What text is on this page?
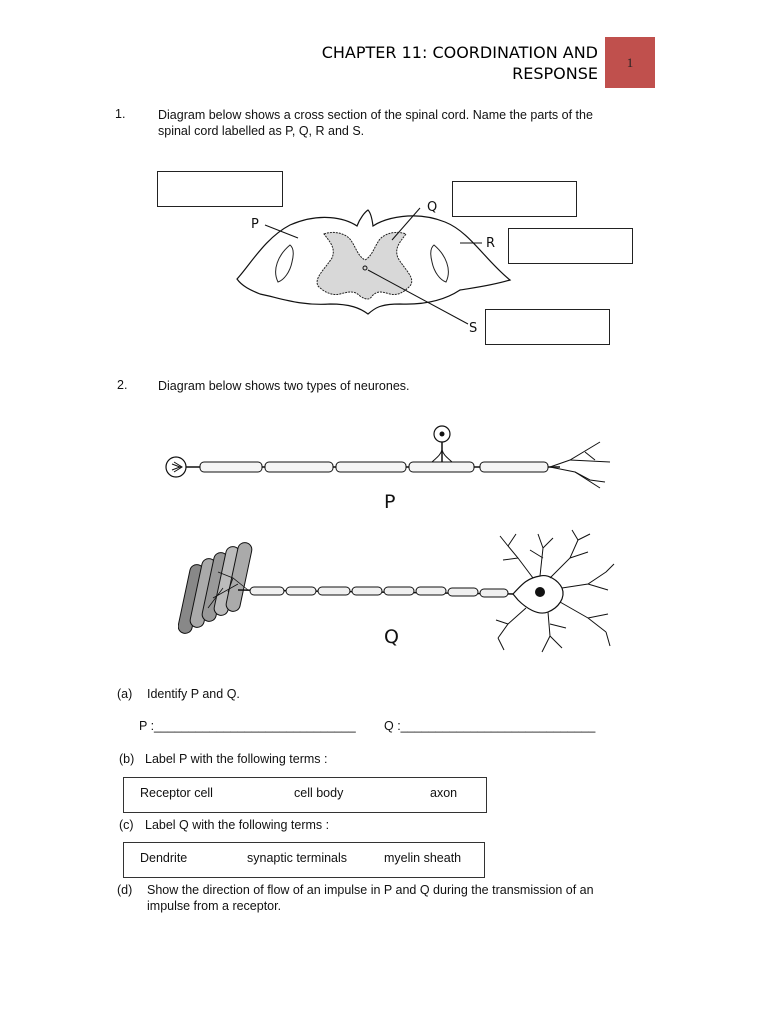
CHAPTER 11: COORDINATION AND
RESPONSE
1
1.	Diagram below shows a cross section of the spinal cord. Name the parts of the
spinal cord labelled as P, Q, R and S.
P
Q
R
S
2. Diagram below shows two types of neurones.
P
Q
(a) Identify P and Q.
P :_____________________________ Q :____________________________
(b) Label P with the following terms :
Receptor cell	cell body	axon
(c) Label Q with the following terms :
Dendrite	synaptic terminals	myelin sheath
(d) Show the direction of flow of an impulse in P and Q during the transmission of an
impulse from a receptor.
